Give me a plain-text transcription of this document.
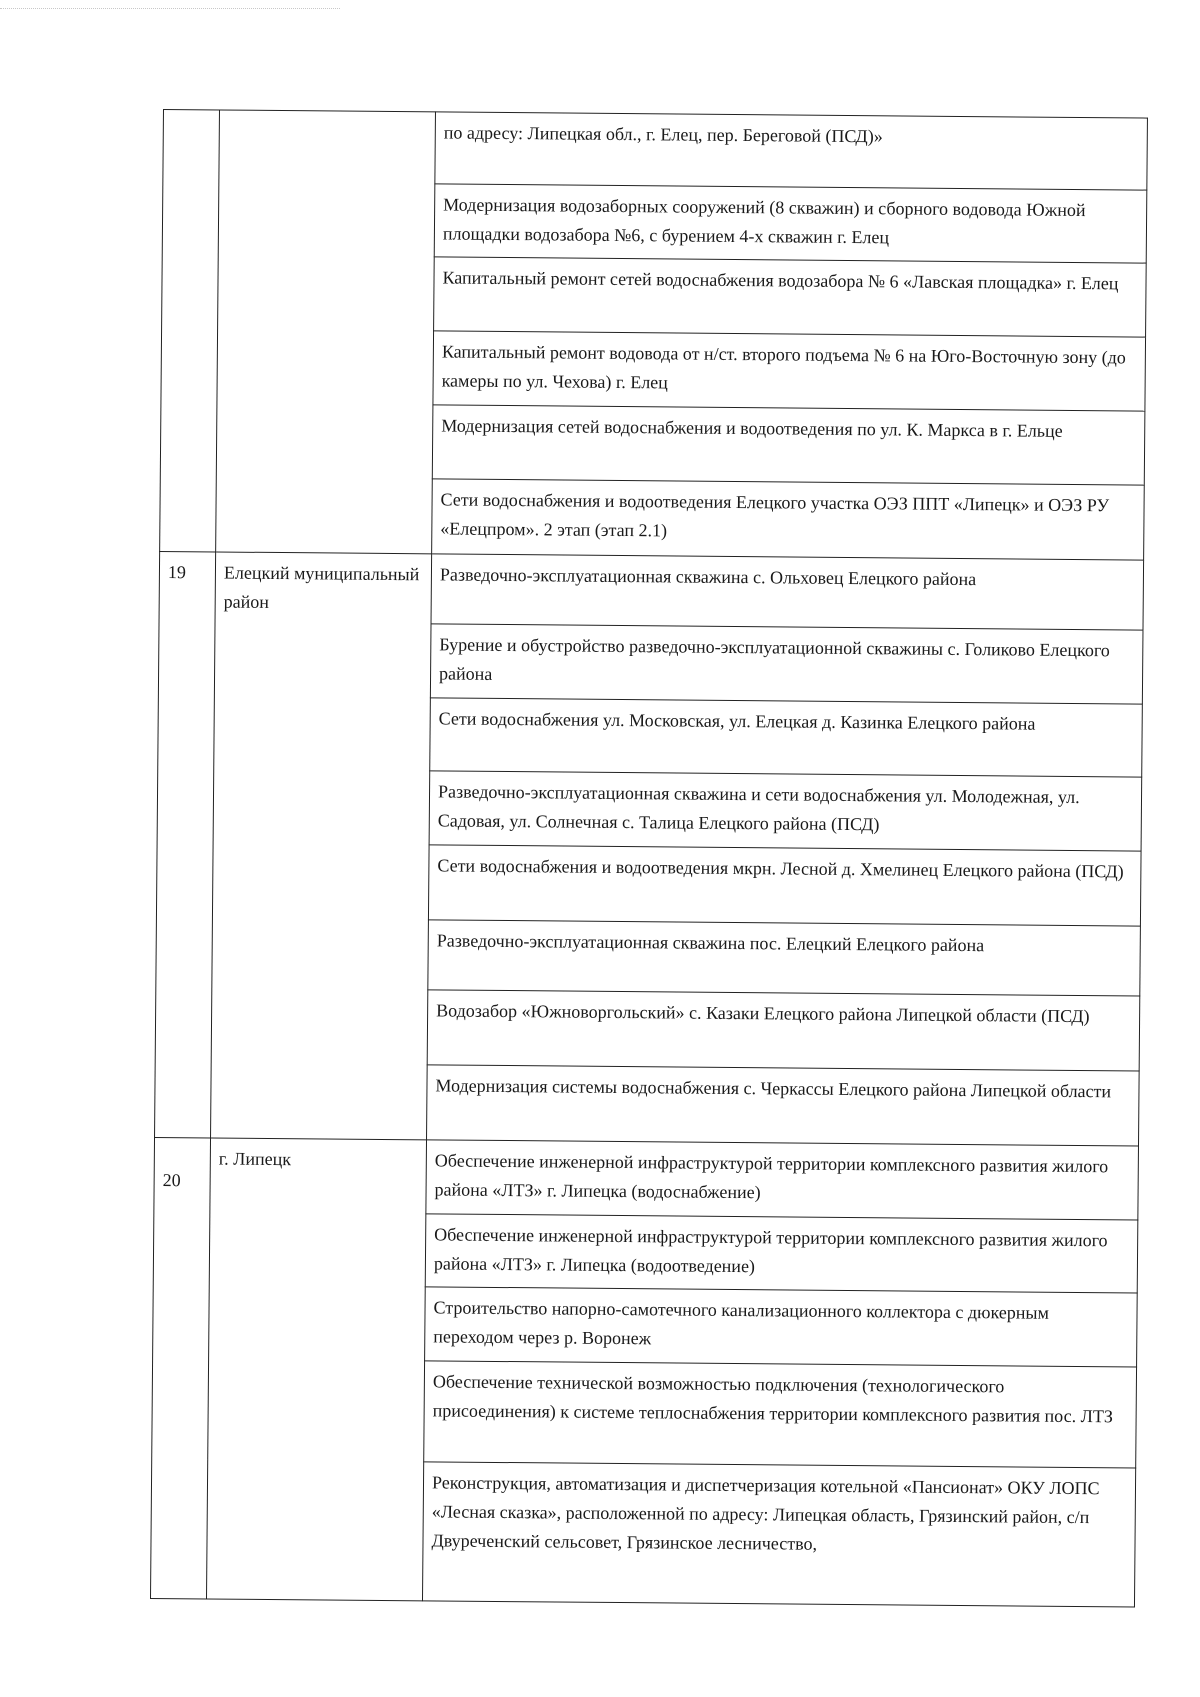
		по адресу: Липецкая обл., г. Елец, пер. Береговой (ПСД)»

		Модернизация водозаборных сооружений (8 скважин) и сборного водовода Южной площадки водозабора №6, с бурением 4-х скважин г. Елец

		Капитальный ремонт сетей водоснабжения водозабора № 6 «Лавская площадка» г. Елец

		Капитальный ремонт водовода от н/ст. второго подъема № 6 на Юго-Восточную зону (до камеры по ул. Чехова) г. Елец

		Модернизация сетей водоснабжения и водоотведения по ул. К. Маркса в г. Ельце

		Сети водоснабжения и водоотведения Елецкого участка ОЭЗ ППТ «Липецк» и ОЭЗ РУ «Елецпром». 2 этап (этап 2.1)

19	Елецкий муниципальный район	Разведочно-эксплуатационная скважина с. Ольховец Елецкого района

		Бурение и обустройство разведочно-эксплуатационной скважины с. Голиково Елецкого района

		Сети водоснабжения ул. Московская, ул. Елецкая д. Казинка Елецкого района

		Разведочно-эксплуатационная скважина и сети водоснабжения ул. Молодежная, ул. Садовая, ул. Солнечная с. Талица Елецкого района (ПСД)

		Сети водоснабжения и водоотведения мкрн. Лесной д. Хмелинец Елецкого района (ПСД)

		Разведочно-эксплуатационная скважина пос. Елецкий Елецкого района

		Водозабор «Южноворгольский» с. Казаки Елецкого района Липецкой области (ПСД)

		Модернизация системы водоснабжения с. Черкассы Елецкого района Липецкой области

20	г. Липецк	Обеспечение инженерной инфраструктурой территории комплексного развития жилого района «ЛТЗ» г. Липецка (водоснабжение)

		Обеспечение инженерной инфраструктурой территории комплексного развития жилого района «ЛТЗ» г. Липецка (водоотведение)

		Строительство напорно-самотечного канализационного коллектора с дюкерным переходом через р. Воронеж

		Обеспечение технической возможностью подключения (технологического присоединения) к системе теплоснабжения территории комплексного развития пос. ЛТЗ

		Реконструкция, автоматизация и диспетчеризация котельной «Пансионат» ОКУ ЛОПС «Лесная сказка», расположенной по адресу: Липецкая область, Грязинский район, с/п Двуреченский сельсовет, Грязинское лесничество,
